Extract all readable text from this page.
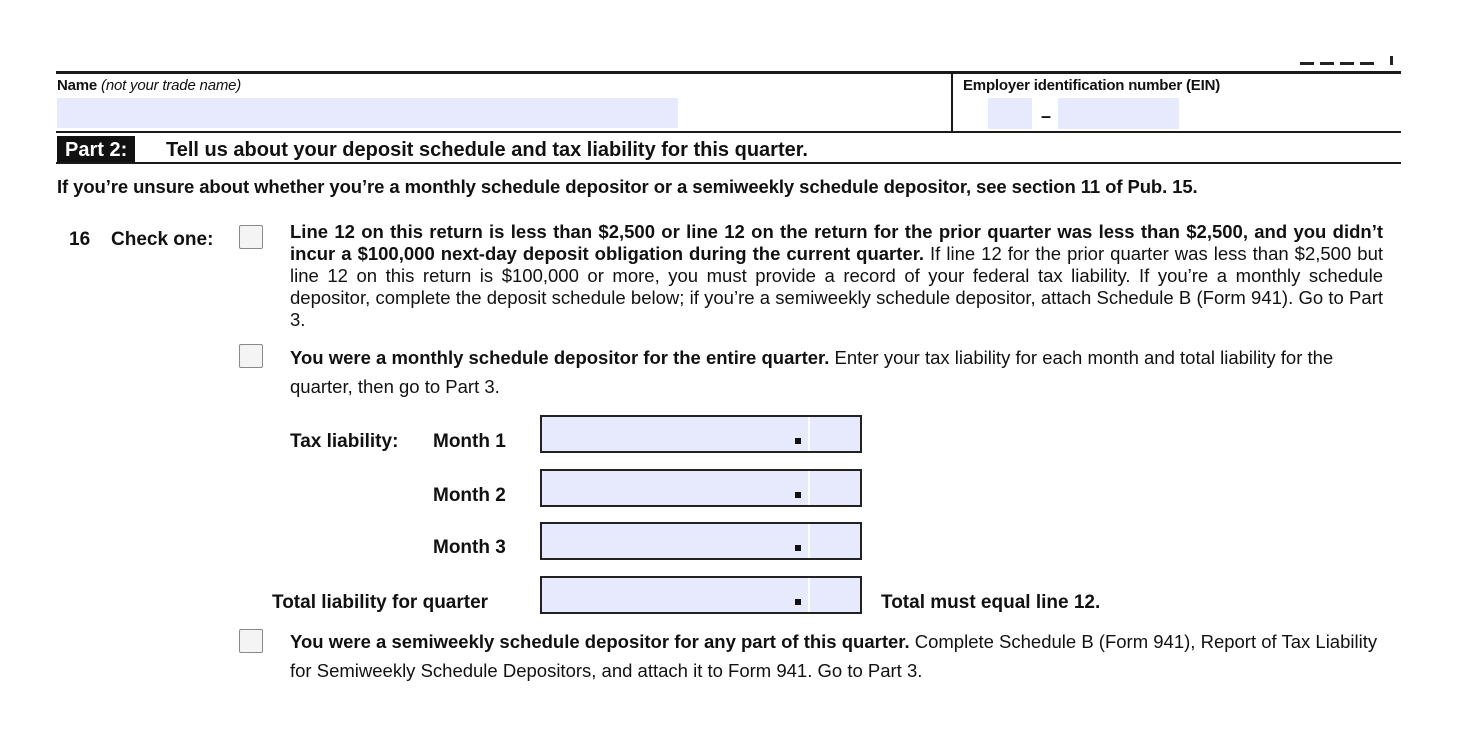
Name (not your trade name)	Employer identification number (EIN)
–
Part 2:	Tell us about your deposit schedule and tax liability for this quarter.
If you’re unsure about whether you’re a monthly schedule depositor or a semiweekly schedule depositor, see section 11 of Pub. 15.
16 Check one:	Line 12 on this return is less than $2,500 or line 12 on the return for the prior quarter was less than $2,500, and you didn’t incur a $100,000 next-day deposit obligation during the current quarter. If line 12 for the prior quarter was less than $2,500 but line 12 on this return is $100,000 or more, you must provide a record of your federal tax liability. If you’re a monthly schedule depositor, complete the deposit schedule below; if you’re a semiweekly schedule depositor, attach Schedule B (Form 941). Go to Part 3.
You were a monthly schedule depositor for the entire quarter. Enter your tax liability for each month and total liability for the quarter, then go to Part 3.
Tax liability: Month 1
Month 2
Month 3
Total liability for quarter	Total must equal line 12.
You were a semiweekly schedule depositor for any part of this quarter. Complete Schedule B (Form 941), Report of Tax Liability for Semiweekly Schedule Depositors, and attach it to Form 941. Go to Part 3.
